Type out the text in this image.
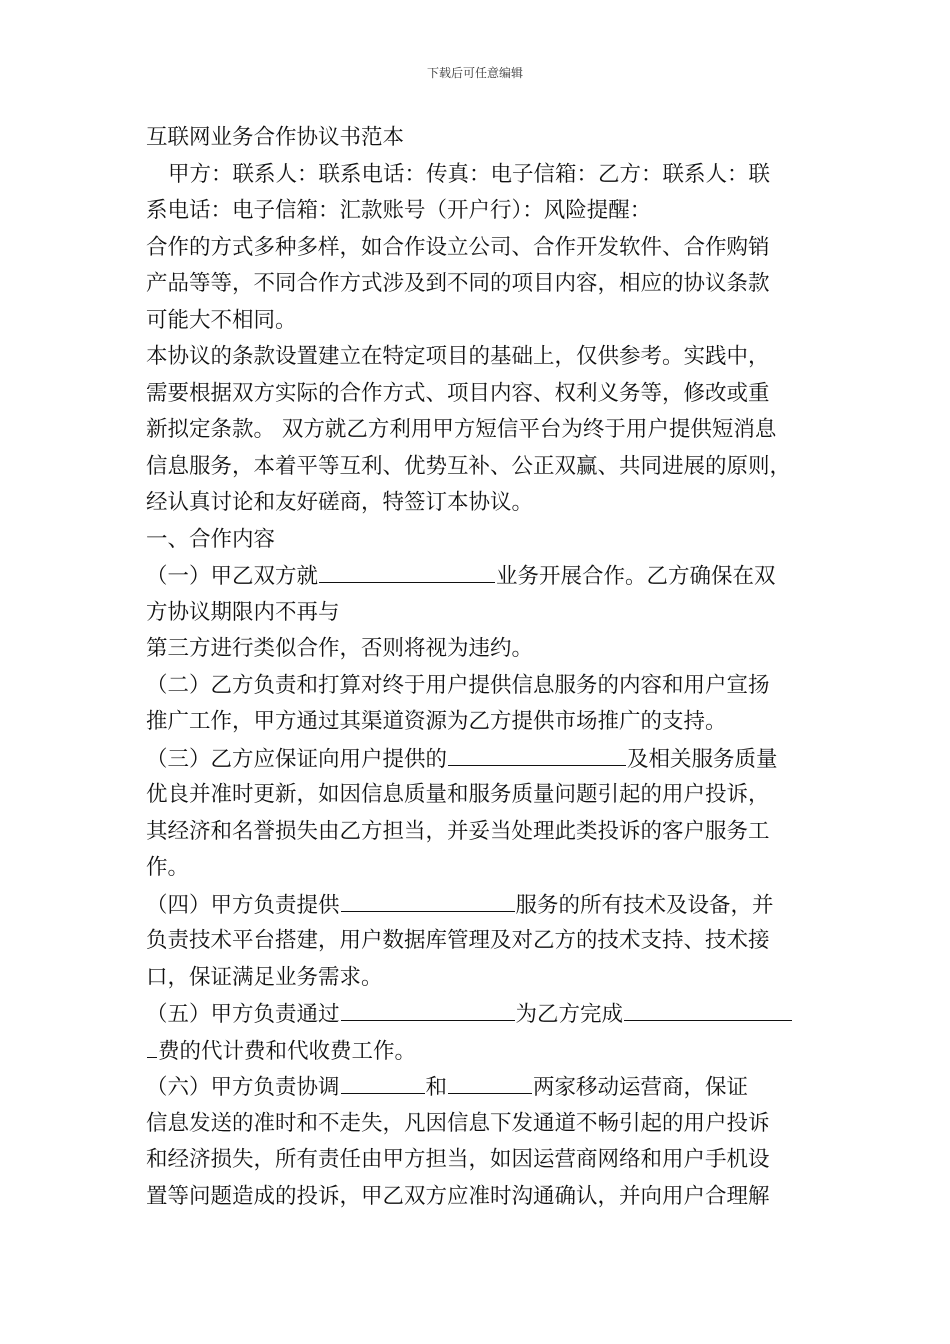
下载后可任意编辑
互联网业务合作协议书范本
甲方：联系人：联系电话：传真：电子信箱：乙方：联系人：联
系电话：电子信箱：汇款账号（开户行）：风险提醒：
合作的方式多种多样，如合作设立公司、合作开发软件、合作购销
产品等等，不同合作方式涉及到不同的项目内容，相应的协议条款
可能大不相同。
本协议的条款设置建立在特定项目的基础上，仅供参考。实践中，
需要根据双方实际的合作方式、项目内容、权利义务等，修改或重
新拟定条款。 双方就乙方利用甲方短信平台为终于用户提供短消息
信息服务，本着平等互利、优势互补、公正双赢、共同进展的原则，
经认真讨论和友好磋商，特签订本协议。
一、合作内容
（一）甲乙双方就	业务开展合作。乙方确保在双
方协议期限内不再与
第三方进行类似合作，否则将视为违约。
（二）乙方负责和打算对终于用户提供信息服务的内容和用户宣扬
推广工作，甲方通过其渠道资源为乙方提供市场推广的支持。
（三）乙方应保证向用户提供的	及相关服务质量
优良并准时更新，如因信息质量和服务质量问题引起的用户投诉，
其经济和名誉损失由乙方担当，并妥当处理此类投诉的客户服务工
作。
（四）甲方负责提供	服务的所有技术及设备，并
负责技术平台搭建，用户数据库管理及对乙方的技术支持、技术接
口，保证满足业务需求。
（五）甲方负责通过	为乙方完成
费的代计费和代收费工作。
（六）甲方负责协调	和	两家移动运营商，保证
信息发送的准时和不走失，凡因信息下发通道不畅引起的用户投诉
和经济损失，所有责任由甲方担当，如因运营商网络和用户手机设
置等问题造成的投诉，甲乙双方应准时沟通确认，并向用户合理解
